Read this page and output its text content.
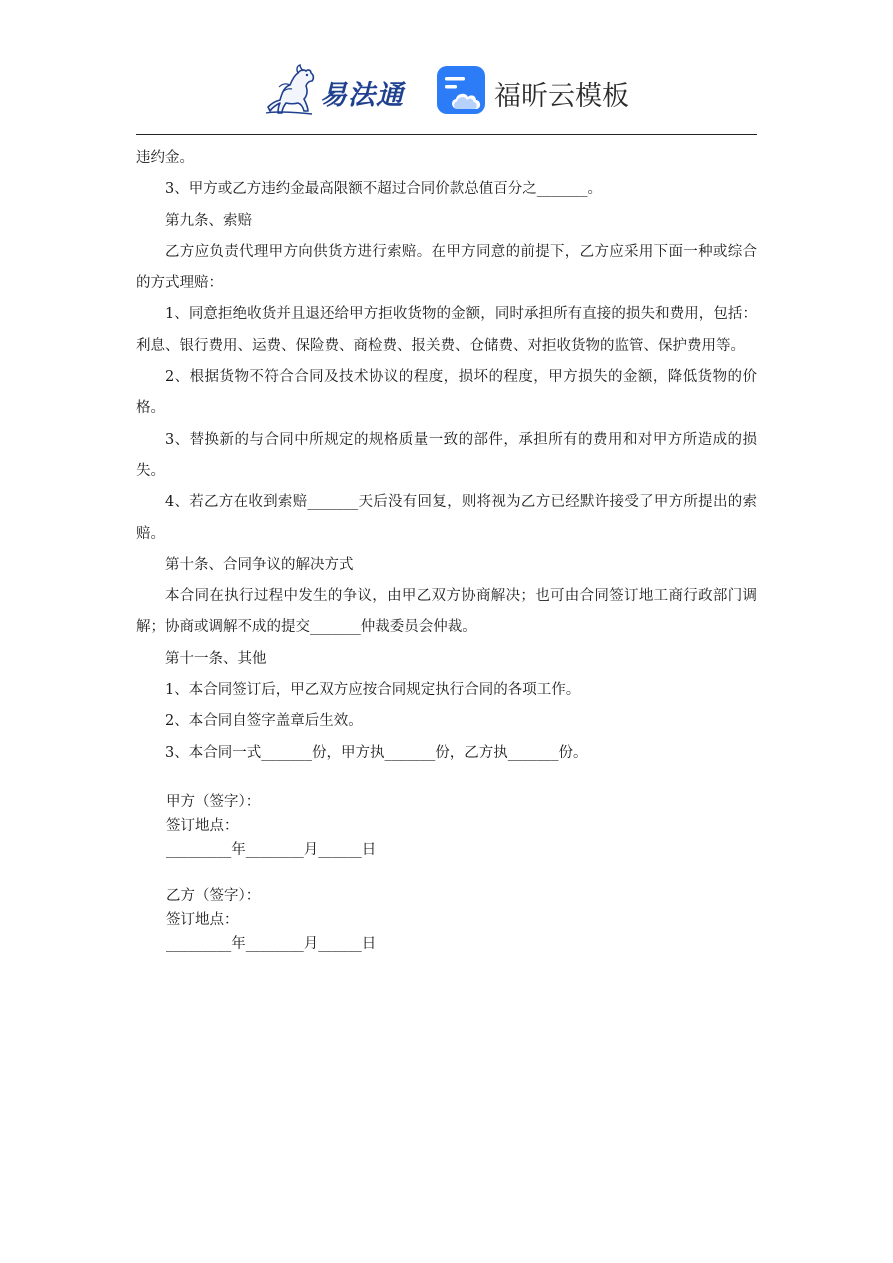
易法通	福昕云模板

违约金。

3、甲方或乙方违约金最高限额不超过合同价款总值百分之_______。

第九条、索赔

乙方应负责代理甲方向供货方进行索赔。在甲方同意的前提下，乙方应采用下面一种或综合的方式理赔：

1、同意拒绝收货并且退还给甲方拒收货物的金额，同时承担所有直接的损失和费用，包括：利息、银行费用、运费、保险费、商检费、报关费、仓储费、对拒收货物的监管、保护费用等。

2、根据货物不符合合同及技术协议的程度，损坏的程度，甲方损失的金额，降低货物的价格。

3、替换新的与合同中所规定的规格质量一致的部件，承担所有的费用和对甲方所造成的损失。

4、若乙方在收到索赔_______天后没有回复，则将视为乙方已经默许接受了甲方所提出的索赔。

第十条、合同争议的解决方式

本合同在执行过程中发生的争议，由甲乙双方协商解决；也可由合同签订地工商行政部门调解；协商或调解不成的提交_______仲裁委员会仲裁。

第十一条、其他

1、本合同签订后，甲乙双方应按合同规定执行合同的各项工作。

2、本合同自签字盖章后生效。

3、本合同一式_______份，甲方执_______份，乙方执_______份。

甲方（签字）：

签订地点：

_________年________月______日

乙方（签字）：

签订地点：

_________年________月______日
